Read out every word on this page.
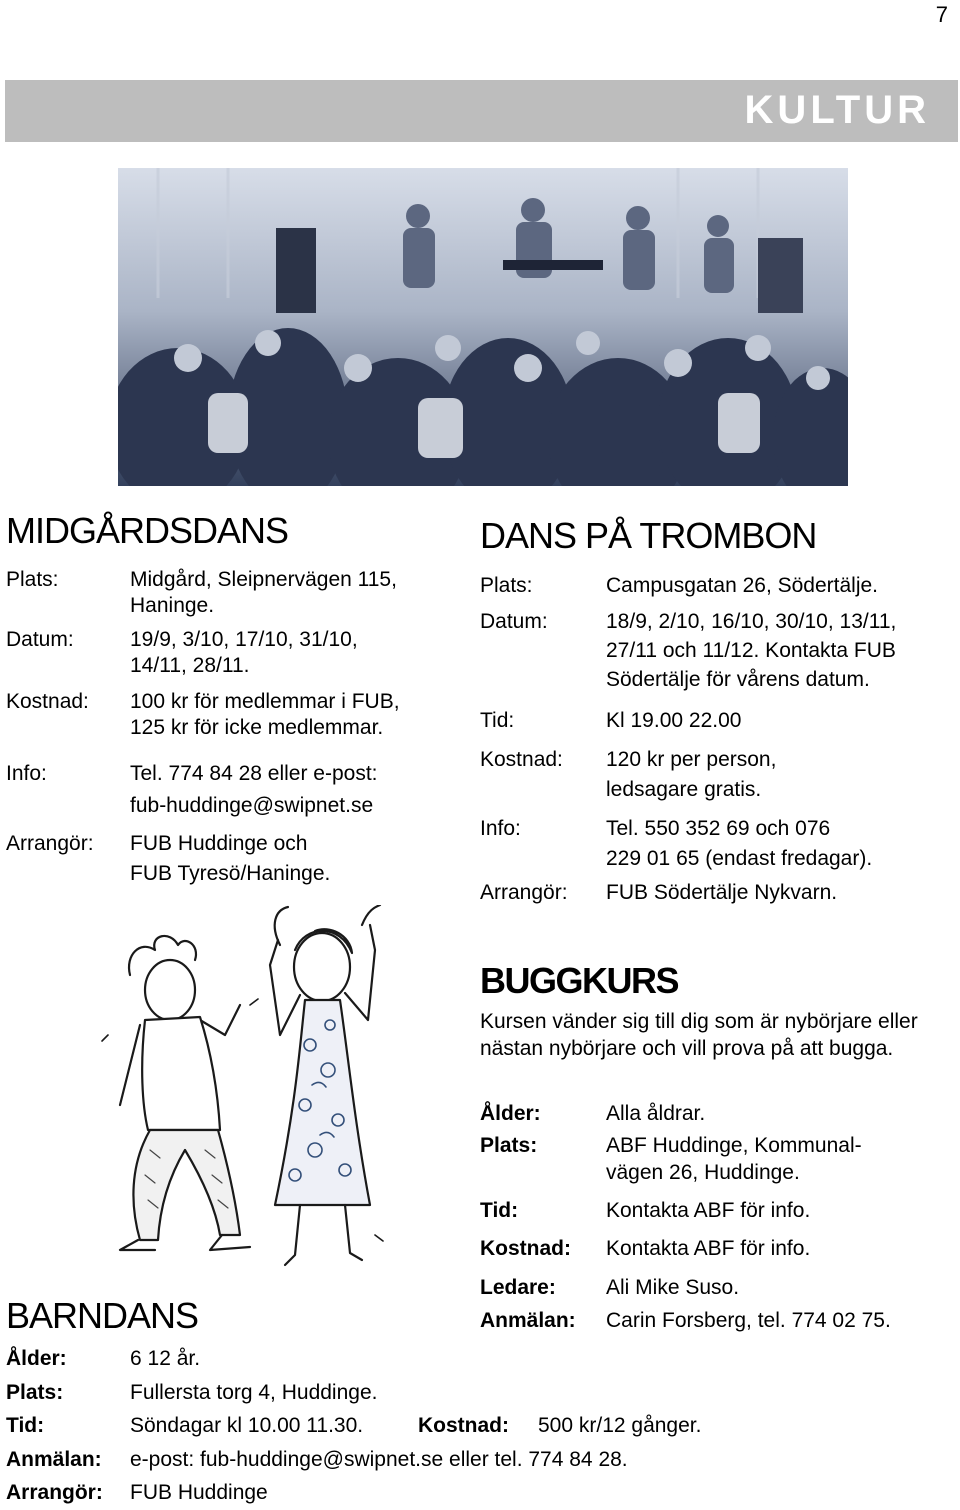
7
KULTUR
MIDGÅRDSDANS
Plats:	Midgård, Sleipnervägen 115,
Haninge.
Datum:	19/9, 3/10, 17/10, 31/10,
14/11, 28/11.
Kostnad: 100 kr för medlemmar i FUB,
125 kr för icke medlemmar.
Info:	Tel. 774 84 28 eller e-post:
fub-huddinge@swipnet.se
Arrangör: FUB Huddinge och
FUB Tyresö/Haninge.
DANS PÅ TROMBON
Plats:	Campusgatan 26, Södertälje.
Datum:	18/9, 2/10, 16/10, 30/10, 13/11,
27/11 och 11/12. Kontakta FUB
Södertälje för vårens datum.
Tid:	Kl 19.00 22.00
Kostnad: 120 kr per person,
ledsagare gratis.
Info:	Tel. 550 352 69 och 076
229 01 65 (endast fredagar).
Arrangör: FUB Södertälje Nykvarn.
BUGGKURS
Kursen vänder sig till dig som är nybörjare eller nästan nybörjare och vill prova på att bugga.
Ålder:	Alla åldrar.
Plats:	ABF Huddinge, Kommunal-
vägen 26, Huddinge.
Tid:	Kontakta ABF för info.
Kostnad: Kontakta ABF för info.
Ledare: Ali Mike Suso.
Anmälan: Carin Forsberg, tel. 774 02 75.
BARNDANS
Ålder:	6 12 år.
Plats:	Fullersta torg 4, Huddinge.
Tid:	Söndagar kl 10.00 11.30.	Kostnad: 500 kr/12 gånger.
Anmälan: e-post: fub-huddinge@swipnet.se eller tel. 774 84 28.
Arrangör: FUB Huddinge
